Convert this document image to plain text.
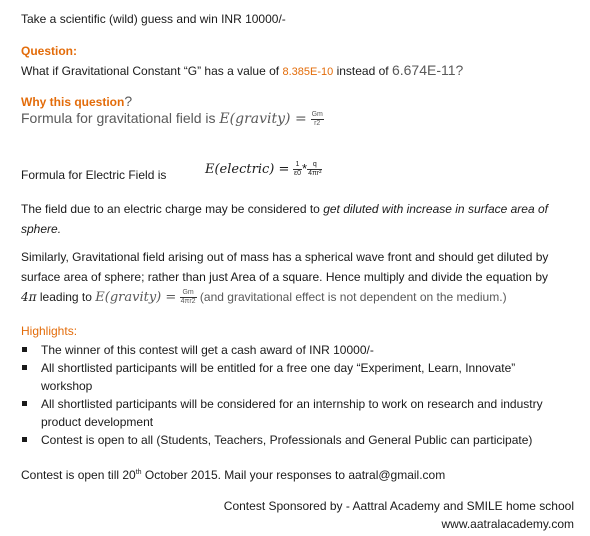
Take a scientific (wild) guess and win INR 10000/-
Question:
What if Gravitational Constant “G” has a value of 8.385E-10 instead of 6.674E-11?
Why this question?
Formula for gravitational field is E(gravity) = $\frac{Gm}{r2}$
Formula for Electric Field is	E(electric) = $\frac{1}{\varepsilon 0} * \frac{q}{\text{4πr²}}$
The field due to an electric charge may be considered to get diluted with increase in surface area of sphere.
Similarly, Gravitational field arising out of mass has a spherical wave front and should get diluted by surface area of sphere; rather than just Area of a square. Hence multiply and divide the equation by 4π leading to E(gravity) = $\frac{Gm}{4\pi r2} (and$ gravitational effect is not dependent on the medium.)
Highlights:
The winner of this contest will get a cash award of INR 10000/-
All shortlisted participants will be entitled for a free one day “Experiment, Learn, Innovate” workshop
All shortlisted participants will be considered for an internship to work on research and industry product development
Contest is open to all (Students, Teachers, Professionals and General Public can participate)
Contest is open till 20th October 2015. Mail your responses to aatral@gmail.com
Contest Sponsored by - Aattral Academy and SMILE home school
www.aatralacademy.com
